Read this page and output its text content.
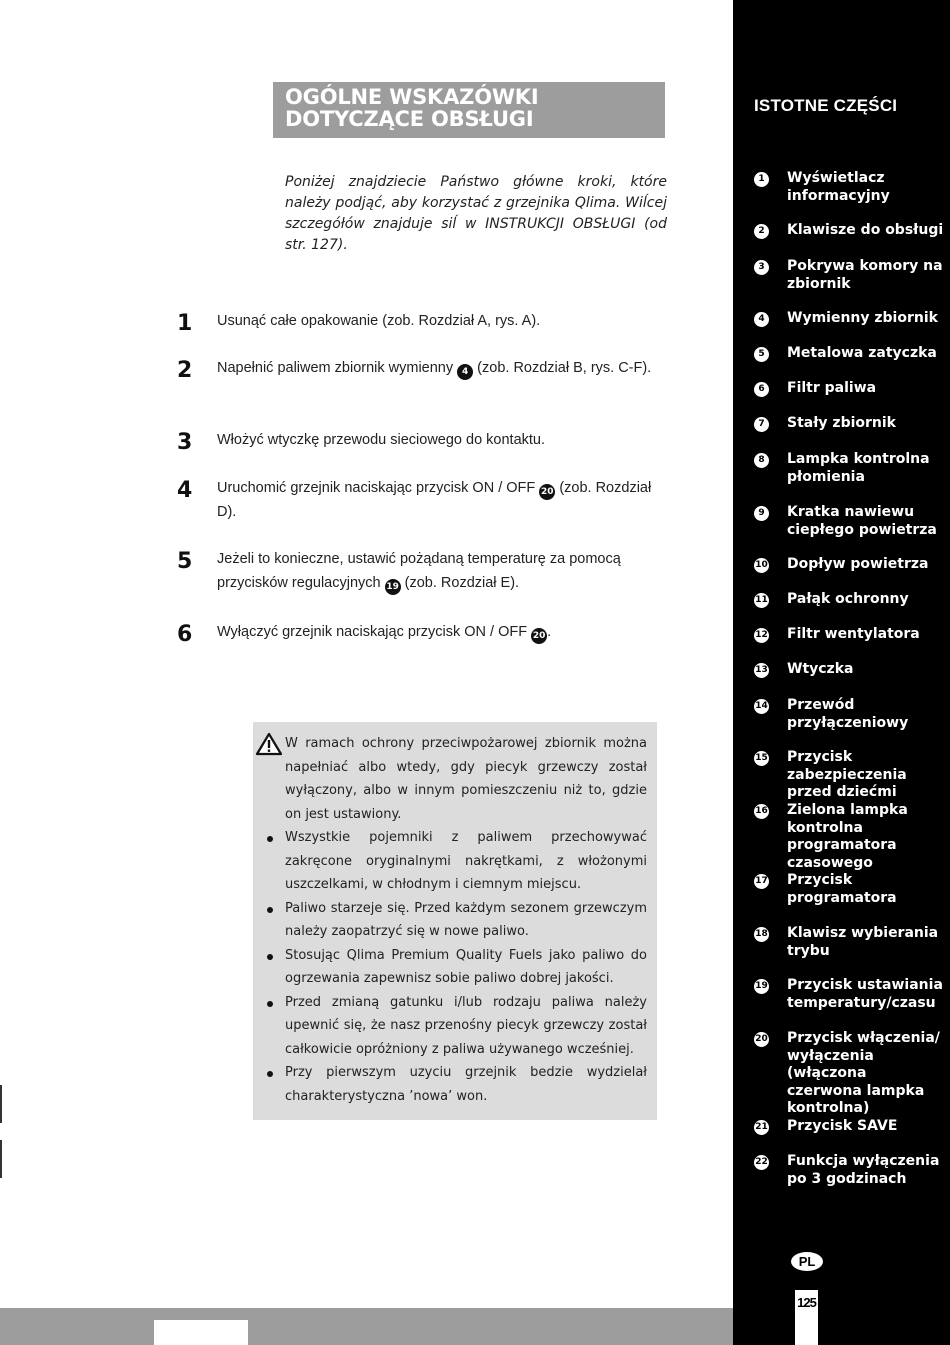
OGÓLNE WSKAZÓWKI
DOTYCZĄCE OBSŁUGI
Poniżej znajdziecie Państwo główne kroki, które należy podjąć, aby korzystać z grzejnika Qlima. Wiĺcej szczegółów znajduje siĺ w INSTRUKCJI OBSŁUGI (od str. 127).
1 Usunąć całe opakowanie (zob. Rozdział A, rys. A).
2 Napełnić paliwem zbiornik wymienny 4 (zob. Rozdział B, rys. C-F).
3 Włożyć wtyczkę przewodu sieciowego do kontaktu.
4 Uruchomić grzejnik naciskając przycisk ON / OFF 20 (zob. Rozdział D).
5 Jeżeli to konieczne, ustawić pożądaną temperaturę za pomocą przycisków regulacyjnych 19 (zob. Rozdział E).
6 Wyłączyć grzejnik naciskając przycisk ON / OFF 20 .
W ramach ochrony przeciwpożarowej zbiornik można napełniać albo wtedy, gdy piecyk grzewczy został wyłączony, albo w innym pomieszczeniu niż to, gdzie on jest ustawiony.
Wszystkie pojemniki z paliwem przechowywać zakręcone oryginalnymi nakrętkami, z włożonymi uszczelkami, w chłodnym i ciemnym miejscu.
Paliwo starzeje się. Przed każdym sezonem grzewczym należy zaopatrzyć się w nowe paliwo.
Stosując Qlima Premium Quality Fuels jako paliwo do ogrzewania zapewnisz sobie paliwo dobrej jakości.
Przed zmianą gatunku i/lub rodzaju paliwa należy upewnić się, że nasz przenośny piecyk grzewczy został całkowicie opróżniony z paliwa używanego wcześniej.
Przy pierwszym uzyciu grzejnik bedzie wydzielał charakterystyczna ’nowa’ won.
ISTOTNE CZĘŚCI
1	Wyświetlacz informacyjny
2	Klawisze do obsługi
3	Pokrywa komory na zbiornik
4	Wymienny zbiornik
5	Metalowa zatyczka
6	Filtr paliwa
7	Stały zbiornik
8	Lampka kontrolna płomienia
9	Kratka nawiewu ciepłego powietrza
10 Dopływ powietrza
11 Pałąk ochronny
12 Filtr wentylatora
13 Wtyczka
14 Przewód przyłączeniowy
15 Przycisk zabezpieczenia przed dziećmi
16 Zielona lampka kontrolna programatora czasowego
17 Przycisk programatora
18 Klawisz wybierania trybu
19 Przycisk ustawiania temperatury/czasu
20 Przycisk włączenia/ wyłączenia (włączona czerwona lampka kontrolna)
21 Przycisk SAVE
22 Funkcja wyłączenia po 3 godzinach
PL
125
